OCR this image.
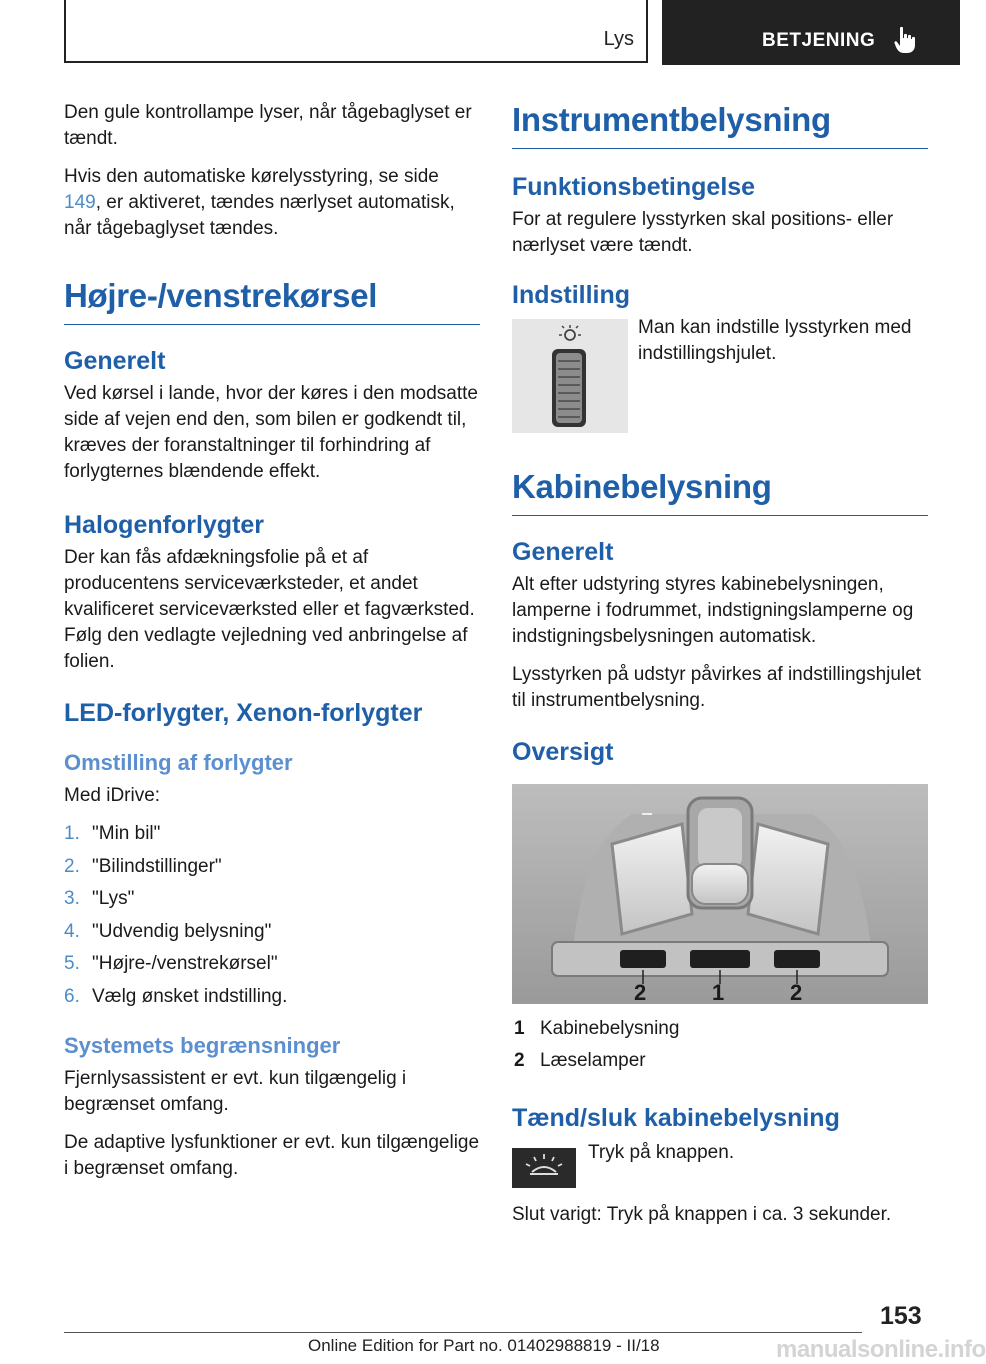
Lys	BETJENING

Den gule kontrollampe lyser, når tågebaglyset er tændt.

Hvis den automatiske kørelysstyring, se side 149, er aktiveret, tændes nærlyset automatisk, når tågebaglyset tændes.

Højre-/venstrekørsel
Generelt

Ved kørsel i lande, hvor der køres i den modsatte side af vejen end den, som bilen er godkendt til, kræves der foranstaltninger til forhindring af forlygternes blændende effekt.

Halogenforlygter

Der kan fås afdækningsfolie på et af producentens serviceværksteder, et andet kvalificeret serviceværksted eller et fagværksted. Følg den vedlagte vejledning ved anbringelse af folien.

LED-forlygter, Xenon-forlygter
Omstilling af forlygter

Med iDrive:

1. "Min bil"
2. "Bilindstillinger"
3. "Lys"
4. "Udvendig belysning"
5. "Højre-/venstrekørsel"
6. Vælg ønsket indstilling.
Systemets begrænsninger

Fjernlysassistent er evt. kun tilgængelig i begrænset omfang.

De adaptive lysfunktioner er evt. kun tilgængelige i begrænset omfang.

Instrumentbelysning
Funktionsbetingelse

For at regulere lysstyrken skal positions- eller nærlyset være tændt.

Indstilling

Man kan indstille lysstyrken med indstillingshjulet.

Kabinebelysning
Generelt

Alt efter udstyring styres kabinebelysningen, lamperne i fodrummet, indstigningslamperne og indstigningsbelysningen automatisk.

Lysstyrken på udstyr påvirkes af indstillingshjulet til instrumentbelysning.

Oversigt
2	1	2
1 Kabinebelysning
2 Læselamper
Tænd/sluk kabinebelysning

Tryk på knappen.

Slut varigt: Tryk på knappen i ca. 3 sekunder.

153
Online Edition for Part no. 01402988819 - II/18	manualsonline.info
